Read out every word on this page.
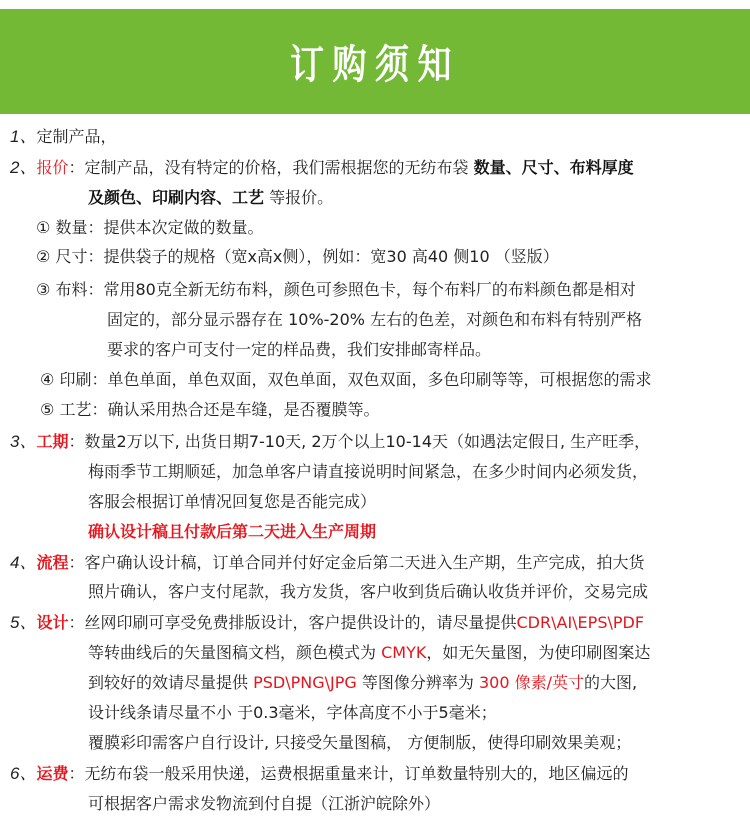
订购须知
1、定制产品，
2、报价：定制产品，没有特定的价格，我们需根据您的无纺布袋 数量、尺寸、布料厚度
及颜色、印刷内容、工艺 等报价。
① 数量：提供本次定做的数量。
② 尺寸：提供袋子的规格（宽x高x侧），例如：宽30 高40 侧10 （竖版）
③ 布料：常用80克全新无纺布料，颜色可参照色卡，每个布料厂的布料颜色都是相对
固定的，部分显示器存在 10%-20% 左右的色差，对颜色和布料有特别严格
要求的客户可支付一定的样品费，我们安排邮寄样品。
④ 印刷：单色单面，单色双面，双色单面，双色双面，多色印刷等等，可根据您的需求
⑤ 工艺：确认采用热合还是车缝，是否覆膜等。
3、工期：数量2万以下, 出货日期7-10天, 2万个以上10-14天（如遇法定假日, 生产旺季，
梅雨季节工期顺延，加急单客户请直接说明时间紧急，在多少时间内必须发货，
客服会根据订单情况回复您是否能完成）
确认设计稿且付款后第二天进入生产周期
4、流程：客户确认设计稿，订单合同并付好定金后第二天进入生产期，生产完成，拍大货
照片确认，客户支付尾款，我方发货，客户收到货后确认收货并评价，交易完成
5、设计：丝网印刷可享受免费排版设计，客户提供设计的，请尽量提供CDR\AI\EPS\PDF
等转曲线后的矢量图稿文档，颜色模式为 CMYK，如无矢量图，为使印刷图案达
到较好的效请尽量提供 PSD\PNG\JPG 等图像分辨率为 300 像素/英寸的大图,
设计线条请尽量不小 于0.3毫米，字体高度不小于5毫米；
覆膜彩印需客户自行设计, 只接受矢量图稿， 方便制版，使得印刷效果美观；
6、运费：无纺布袋一般采用快递，运费根据重量来计，订单数量特别大的，地区偏远的
可根据客户需求发物流到付自提（江浙沪皖除外）
